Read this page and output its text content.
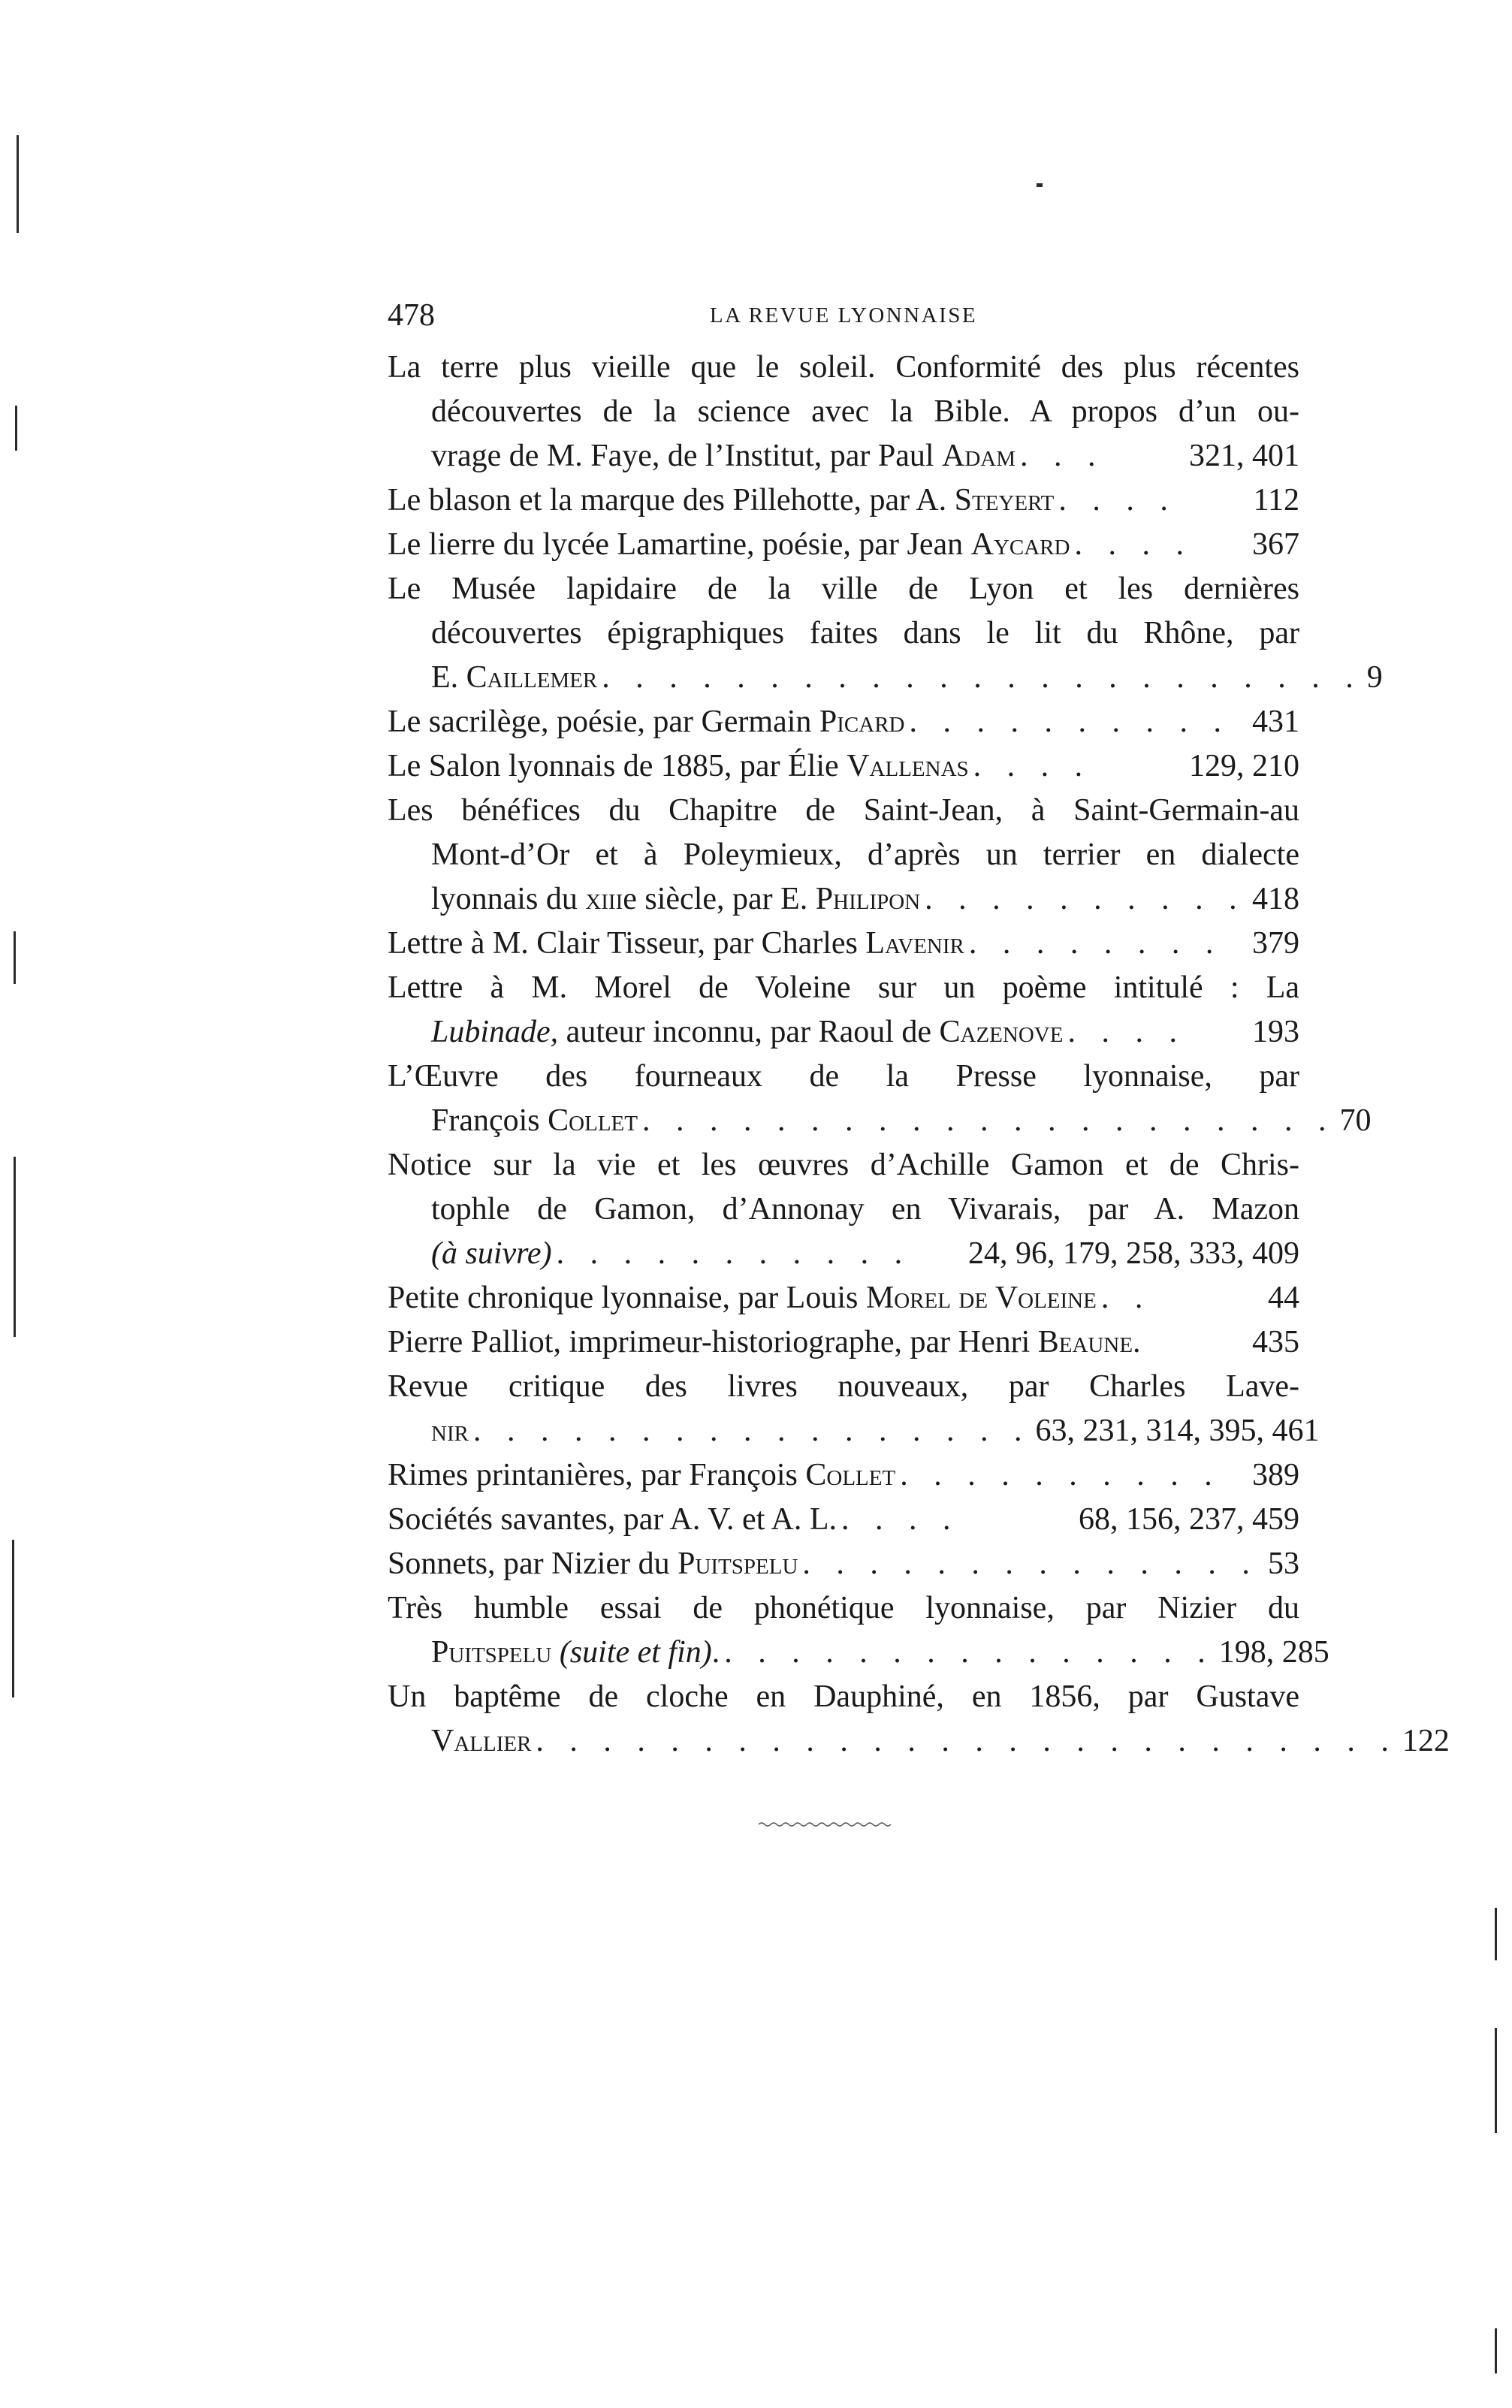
478	LA REVUE LYONNAISE
La terre plus vieille que le soleil. Conformité des plus récentes
découvertes de la science avec la Bible. A propos d’un ou-
vrage de M. Faye, de l’Institut, par Paul Adam . . .	321, 401
Le blason et la marque des Pillehotte, par A. Steyert . . . .	112
Le lierre du lycée Lamartine, poésie, par Jean Aycard . . . .	367
Le Musée lapidaire de la ville de Lyon et les dernières
découvertes épigraphiques faites dans le lit du Rhône, par
E. Caillemer . . . . . . . . . . . . . . . . . . . . . . . 9
Le sacrilège, poésie, par Germain Picard . . . . . . . . . . 431
Le Salon lyonnais de 1885, par Élie Vallenas . . . .	129, 210
Les bénéfices du Chapitre de Saint-Jean, à Saint-Germain-au
Mont-d’Or et à Poleymieux, d’après un terrier en dialecte
lyonnais du xiiie siècle, par E. Philipon . . . . . . . . . . 418
Lettre à M. Clair Tisseur, par Charles Lavenir . . . . . . . . 379
Lettre à M. Morel de Voleine sur un poème intitulé : La
Lubinade, auteur inconnu, par Raoul de Cazenove . . . .	193
L’Œuvre des fourneaux de la Presse lyonnaise, par
François Collet . . . . . . . . . . . . . . . . . . . . . 70
Notice sur la vie et les œuvres d’Achille Gamon et de Chris-
tophle de Gamon, d’Annonay en Vivarais, par A. Mazon
(à suivre) . . . . . . . . . . .	24, 96, 179, 258, 333, 409
Petite chronique lyonnaise, par Louis Morel de Voleine . .	44
Pierre Palliot, imprimeur-historiographe, par Henri Beaune.	435
Revue critique des livres nouveaux, par Charles Lave-
nir . . . . . . . . . . . . . . . . . 63, 231, 314, 395, 461
Rimes printanières, par François Collet . . . . . . . . . . 389
Sociétés savantes, par A. V. et A. L. . . . .	68, 156, 237, 459
Sonnets, par Nizier du Puitspelu . . . . . . . . . . . . . . 53
Très humble essai de phonétique lyonnaise, par Nizier du
Puitspelu (suite et fin). . . . . . . . . . . . . . . . 198, 285
Un baptême de cloche en Dauphiné, en 1856, par Gustave
Vallier . . . . . . . . . . . . . . . . . . . . . . . . . . 122
